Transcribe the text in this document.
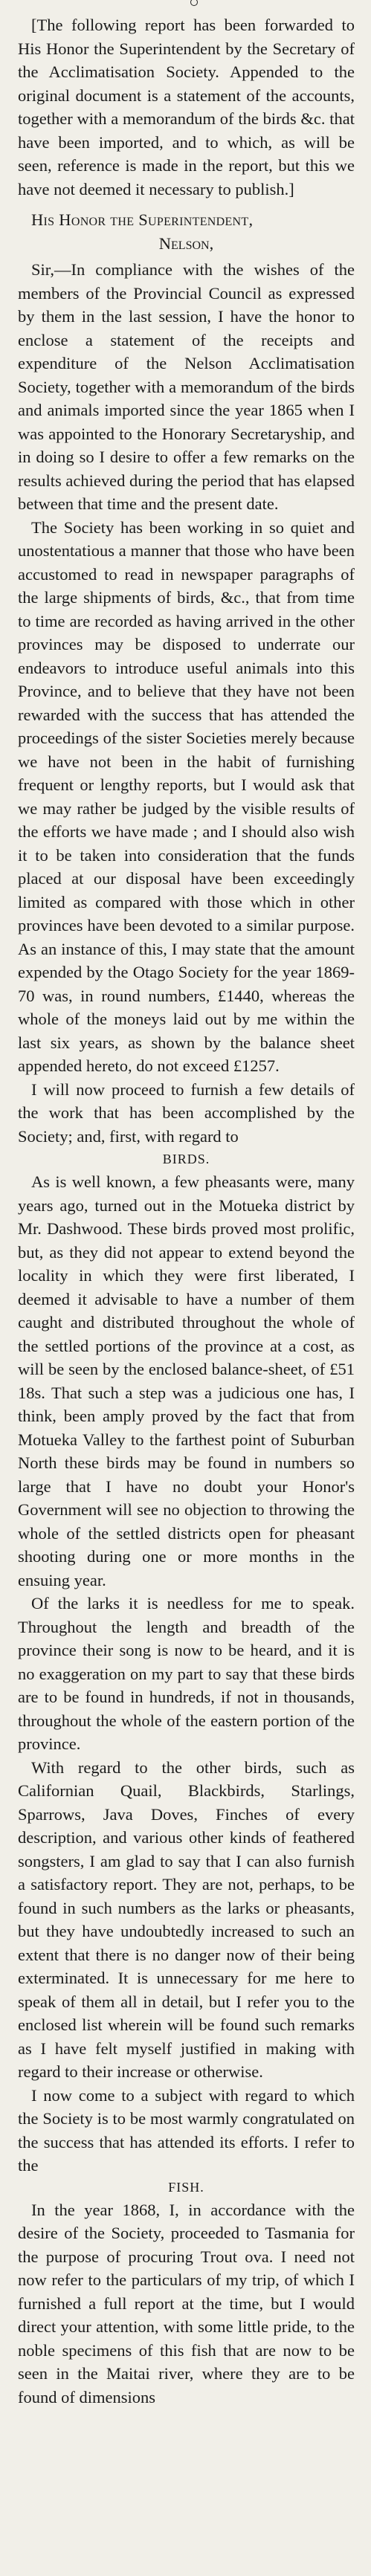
[The following report has been forwarded to His Honor the Superintendent by the Secretary of the Acclimatisation Society. Appended to the original document is a statement of the accounts, together with a memorandum of the birds &c. that have been imported, and to which, as will be seen, reference is made in the report, but this we have not deemed it necessary to publish.]

His Honor the Superintendent,
Nelson,

Sir,—In compliance with the wishes of the members of the Provincial Council as expressed by them in the last session, I have the honor to enclose a statement of the receipts and expenditure of the Nelson Acclimatisation Society, together with a memorandum of the birds and animals imported since the year 1865 when I was appointed to the Honorary Secretaryship, and in doing so I desire to offer a few remarks on the results achieved during the period that has elapsed between that time and the present date.

The Society has been working in so quiet and unostentatious a manner that those who have been accustomed to read in newspaper paragraphs of the large shipments of birds, &c., that from time to time are recorded as having arrived in the other provinces may be disposed to underrate our endeavors to introduce useful animals into this Province, and to believe that they have not been rewarded with the success that has attended the proceedings of the sister Societies merely because we have not been in the habit of furnishing frequent or lengthy reports, but I would ask that we may rather be judged by the visible results of the efforts we have made ; and I should also wish it to be taken into consideration that the funds placed at our disposal have been exceedingly limited as compared with those which in other provinces have been devoted to a similar purpose. As an instance of this, I may state that the amount expended by the Otago Society for the year 1869-70 was, in round numbers, £1440, whereas the whole of the moneys laid out by me within the last six years, as shown by the balance sheet appended hereto, do not exceed £1257.

I will now proceed to furnish a few details of the work that has been accomplished by the Society; and, first, with regard to

BIRDS.

As is well known, a few pheasants were, many years ago, turned out in the Motueka district by Mr. Dashwood. These birds proved most prolific, but, as they did not appear to extend beyond the locality in which they were first liberated, I deemed it advisable to have a number of them caught and distributed throughout the whole of the settled portions of the province at a cost, as will be seen by the enclosed balance-sheet, of £51 18s. That such a step was a judicious one has, I think, been amply proved by the fact that from Motueka Valley to the farthest point of Suburban North these birds may be found in numbers so large that I have no doubt your Honor's Government will see no objection to throwing the whole of the settled districts open for pheasant shooting during one or more months in the ensuing year.

Of the larks it is needless for me to speak. Throughout the length and breadth of the province their song is now to be heard, and it is no exaggeration on my part to say that these birds are to be found in hundreds, if not in thousands, throughout the whole of the eastern portion of the province.

With regard to the other birds, such as Californian Quail, Blackbirds, Starlings, Sparrows, Java Doves, Finches of every description, and various other kinds of feathered songsters, I am glad to say that I can also furnish a satisfactory report. They are not, perhaps, to be found in such numbers as the larks or pheasants, but they have undoubtedly increased to such an extent that there is no danger now of their being exterminated. It is unnecessary for me here to speak of them all in detail, but I refer you to the enclosed list wherein will be found such remarks as I have felt myself justified in making with regard to their increase or otherwise.

I now come to a subject with regard to which the Society is to be most warmly congratulated on the success that has attended its efforts. I refer to the

FISH.

In the year 1868, I, in accordance with the desire of the Society, proceeded to Tasmania for the purpose of procuring Trout ova. I need not now refer to the particulars of my trip, of which I furnished a full report at the time, but I would direct your attention, with some little pride, to the noble specimens of this fish that are now to be seen in the Maitai river, where they are to be found of dimensions
